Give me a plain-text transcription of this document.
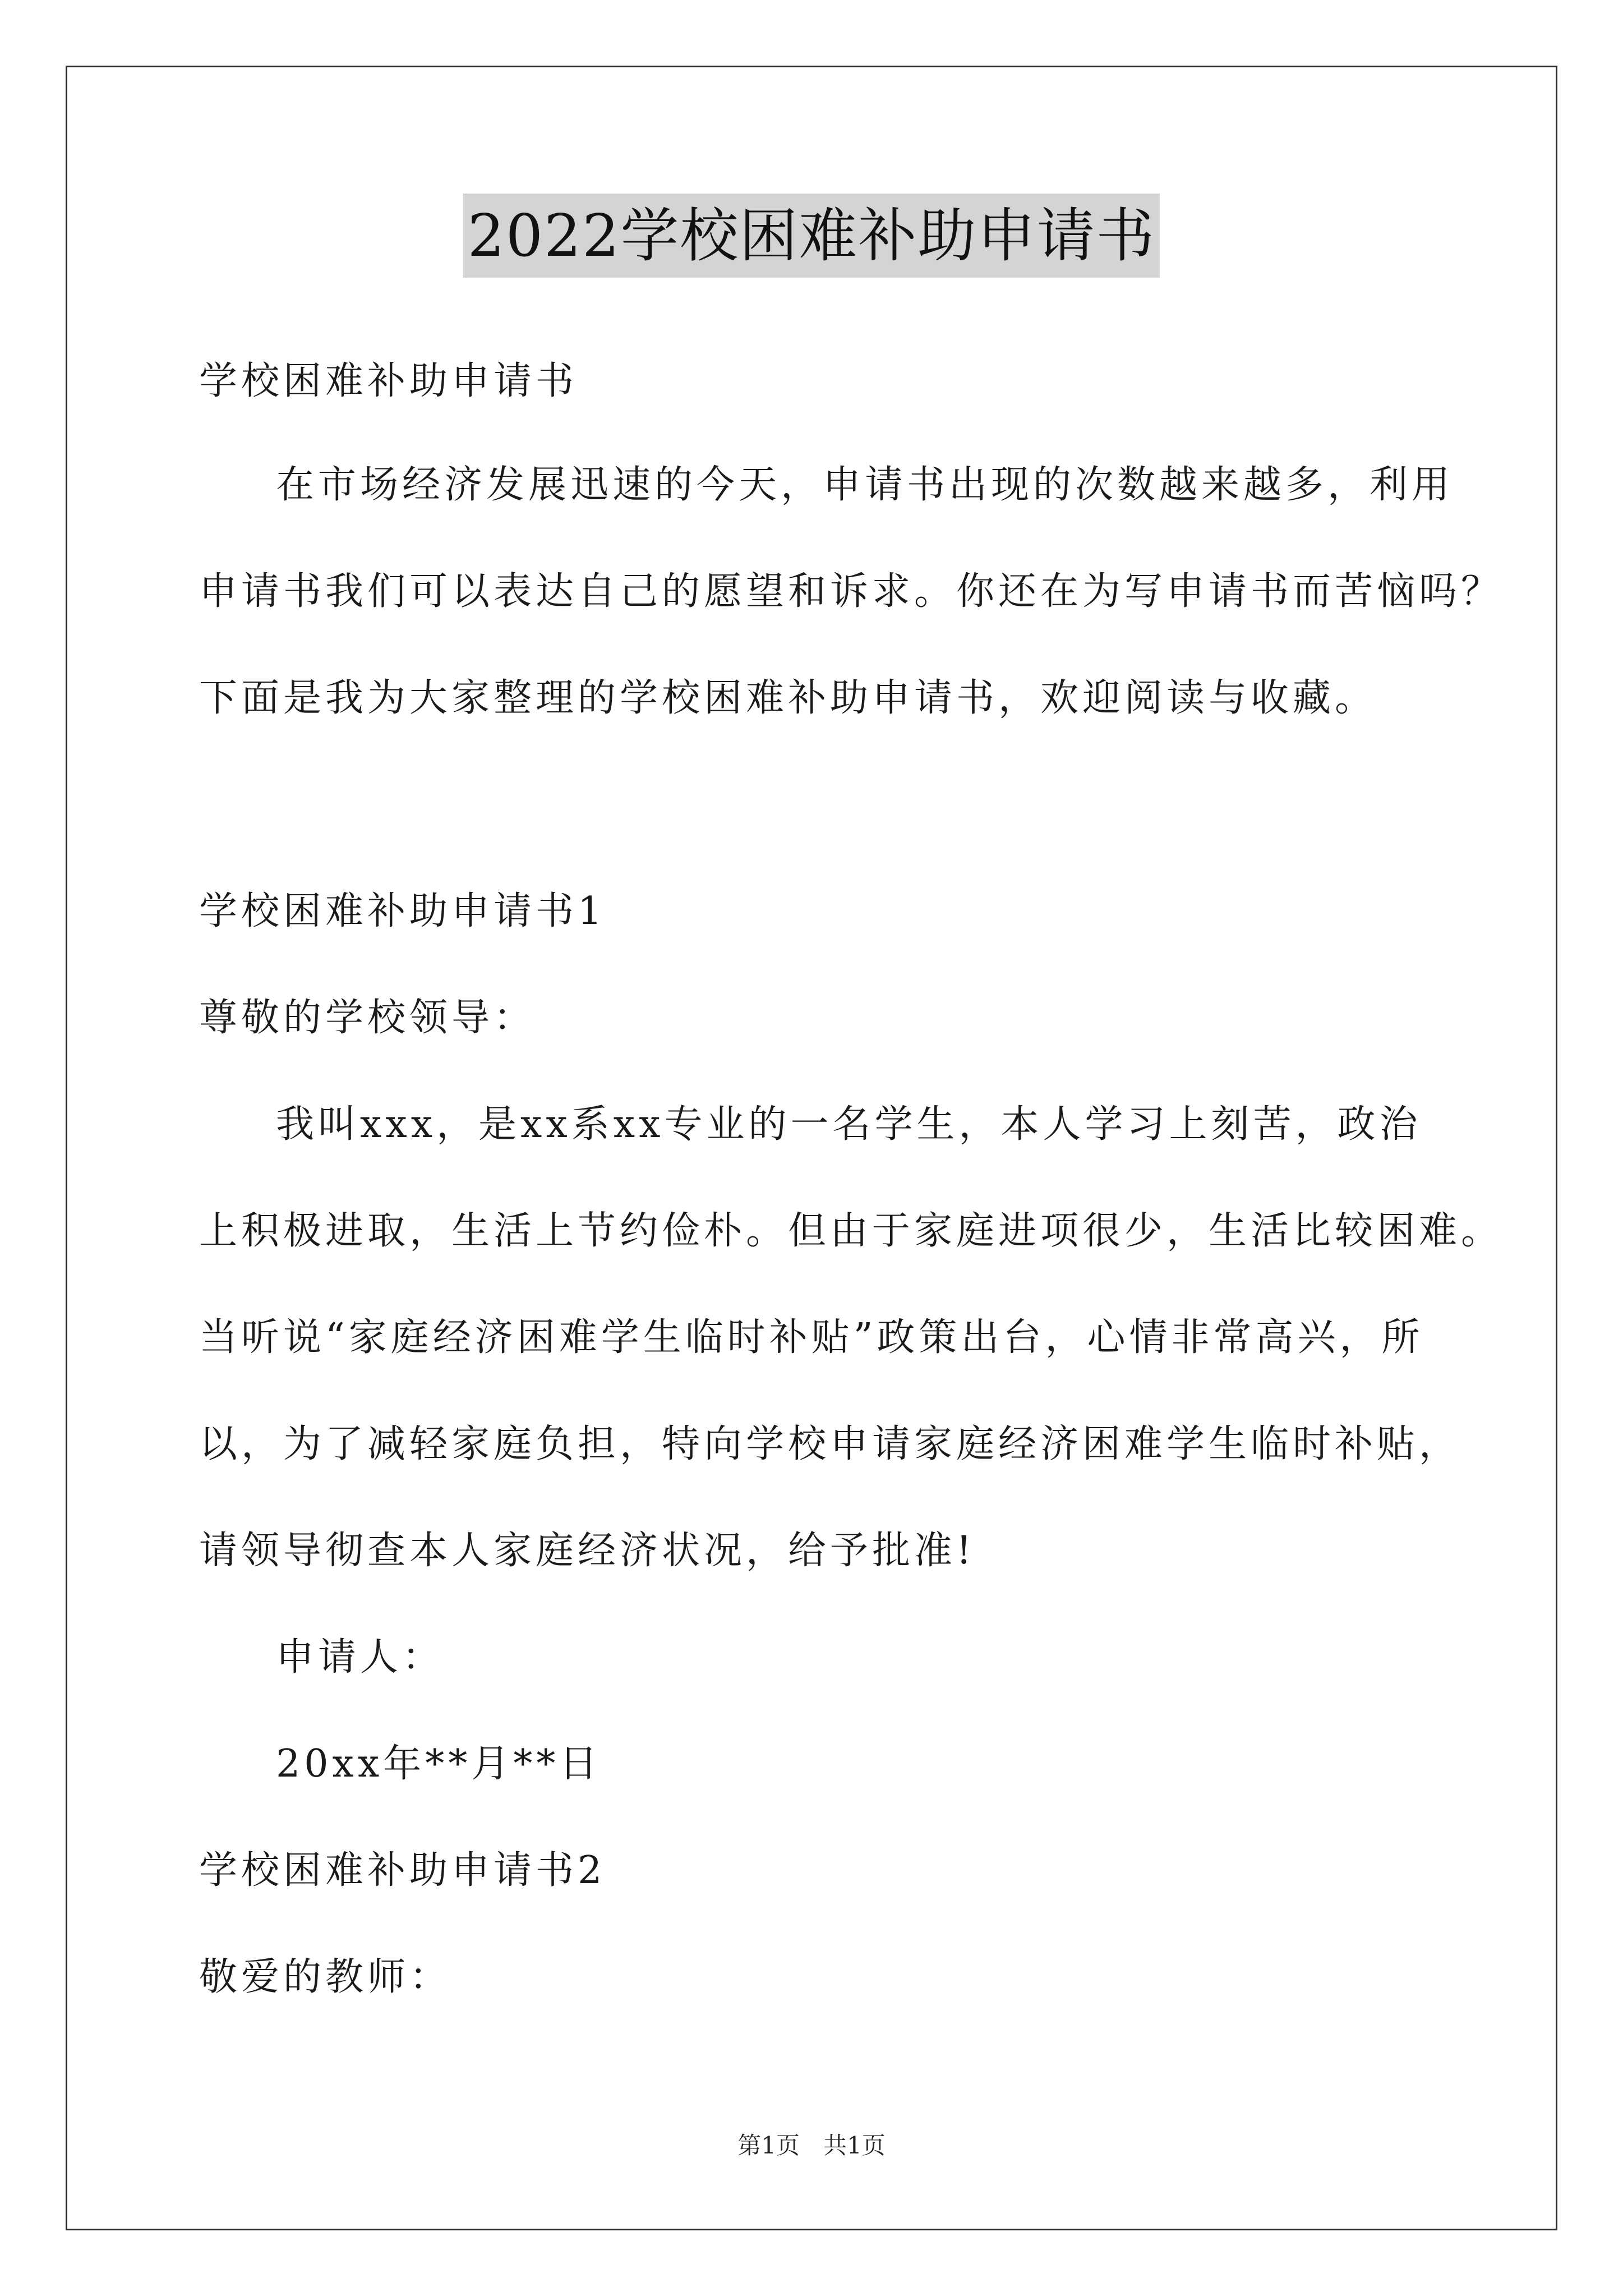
2022学校困难补助申请书
学校困难补助申请书
在市场经济发展迅速的今天，申请书出现的次数越来越多，利用
申请书我们可以表达自己的愿望和诉求。你还在为写申请书而苦恼吗？
下面是我为大家整理的学校困难补助申请书，欢迎阅读与收藏。
学校困难补助申请书1
尊敬的学校领导：
我叫xxx，是xx系xx专业的一名学生，本人学习上刻苦，政治
上积极进取，生活上节约俭朴。但由于家庭进项很少，生活比较困难。
当听说“家庭经济困难学生临时补贴”政策出台，心情非常高兴，所
以，为了减轻家庭负担，特向学校申请家庭经济困难学生临时补贴，
请领导彻查本人家庭经济状况，给予批准!
申请人：
20xx年**月**日
学校困难补助申请书2
敬爱的教师：
第1页　共1页
